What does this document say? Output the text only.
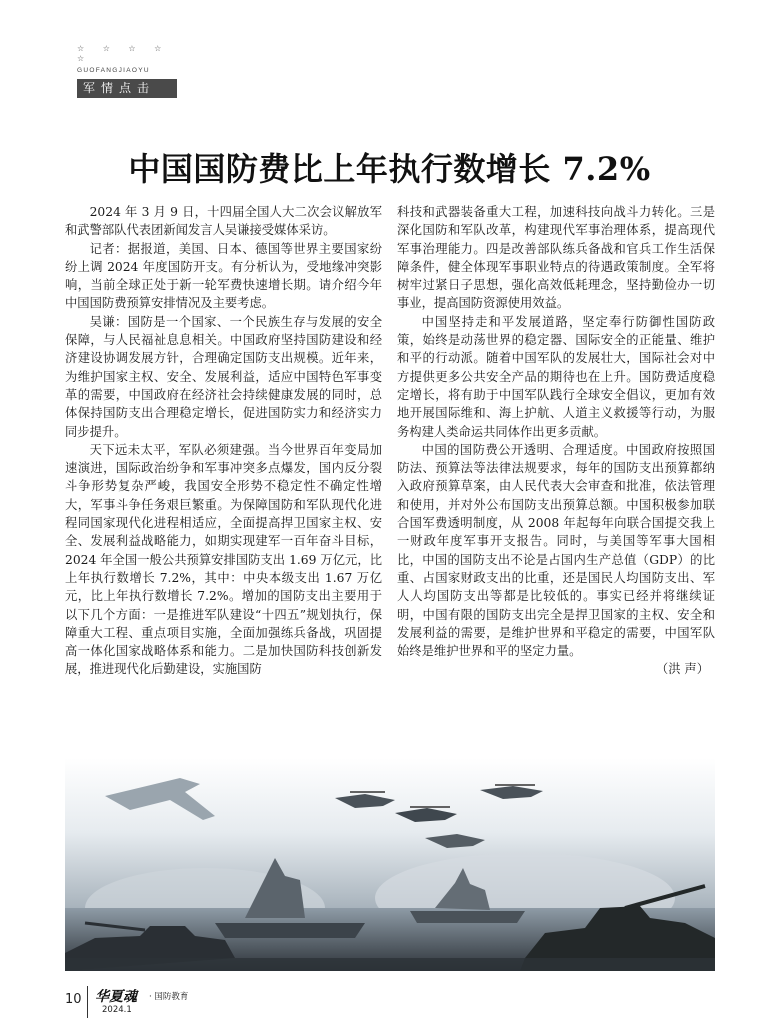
☆ ☆ ☆ ☆ ☆
GUOFANGJIAOYU
军情点击
中国国防费比上年执行数增长 7.2%

2024 年 3 月 9 日，十四届全国人大二次会议解放军和武警部队代表团新闻发言人吴谦接受媒体采访。

记者：据报道，美国、日本、德国等世界主要国家纷纷上调 2024 年度国防开支。有分析认为，受地缘冲突影响，当前全球正处于新一轮军费快速增长期。请介绍今年中国国防费预算安排情况及主要考虑。

吴谦：国防是一个国家、一个民族生存与发展的安全保障，与人民福祉息息相关。中国政府坚持国防建设和经济建设协调发展方针，合理确定国防支出规模。近年来，为维护国家主权、安全、发展利益，适应中国特色军事变革的需要，中国政府在经济社会持续健康发展的同时，总体保持国防支出合理稳定增长，促进国防实力和经济实力同步提升。

天下远未太平，军队必须建强。当今世界百年变局加速演进，国际政治纷争和军事冲突多点爆发，国内反分裂斗争形势复杂严峻，我国安全形势不稳定性不确定性增大，军事斗争任务艰巨繁重。为保障国防和军队现代化进程同国家现代化进程相适应，全面提高捍卫国家主权、安全、发展利益战略能力，如期实现建军一百年奋斗目标，2024 年全国一般公共预算安排国防支出 1.69 万亿元，比上年执行数增长 7.2%，其中：中央本级支出 1.67 万亿元，比上年执行数增长 7.2%。增加的国防支出主要用于以下几个方面：一是推进军队建设“十四五”规划执行，保障重大工程、重点项目实施，全面加强练兵备战，巩固提高一体化国家战略体系和能力。二是加快国防科技创新发展，推进现代化后勤建设，实施国防

科技和武器装备重大工程，加速科技向战斗力转化。三是深化国防和军队改革，构建现代军事治理体系，提高现代军事治理能力。四是改善部队练兵备战和官兵工作生活保障条件，健全体现军事职业特点的待遇政策制度。全军将树牢过紧日子思想，强化高效低耗理念，坚持勤俭办一切事业，提高国防资源使用效益。

中国坚持走和平发展道路，坚定奉行防御性国防政策，始终是动荡世界的稳定器、国际安全的正能量、维护和平的行动派。随着中国军队的发展壮大，国际社会对中方提供更多公共安全产品的期待也在上升。国防费适度稳定增长，将有助于中国军队践行全球安全倡议，更加有效地开展国际维和、海上护航、人道主义救援等行动，为服务构建人类命运共同体作出更多贡献。

中国的国防费公开透明、合理适度。中国政府按照国防法、预算法等法律法规要求，每年的国防支出预算都纳入政府预算草案，由人民代表大会审查和批准，依法管理和使用，并对外公布国防支出预算总额。中国积极参加联合国军费透明制度，从 2008 年起每年向联合国提交我上一财政年度军事开支报告。同时，与美国等军事大国相比，中国的国防支出不论是占国内生产总值（GDP）的比重、占国家财政支出的比重，还是国民人均国防支出、军人人均国防支出等都是比较低的。事实已经并将继续证明，中国有限的国防支出完全是捍卫国家的主权、安全和发展利益的需要，是维护世界和平稳定的需要，中国军队始终是维护世界和平的坚定力量。

（洪 声）

10 华夏魂 · 国防教育
2024.1
